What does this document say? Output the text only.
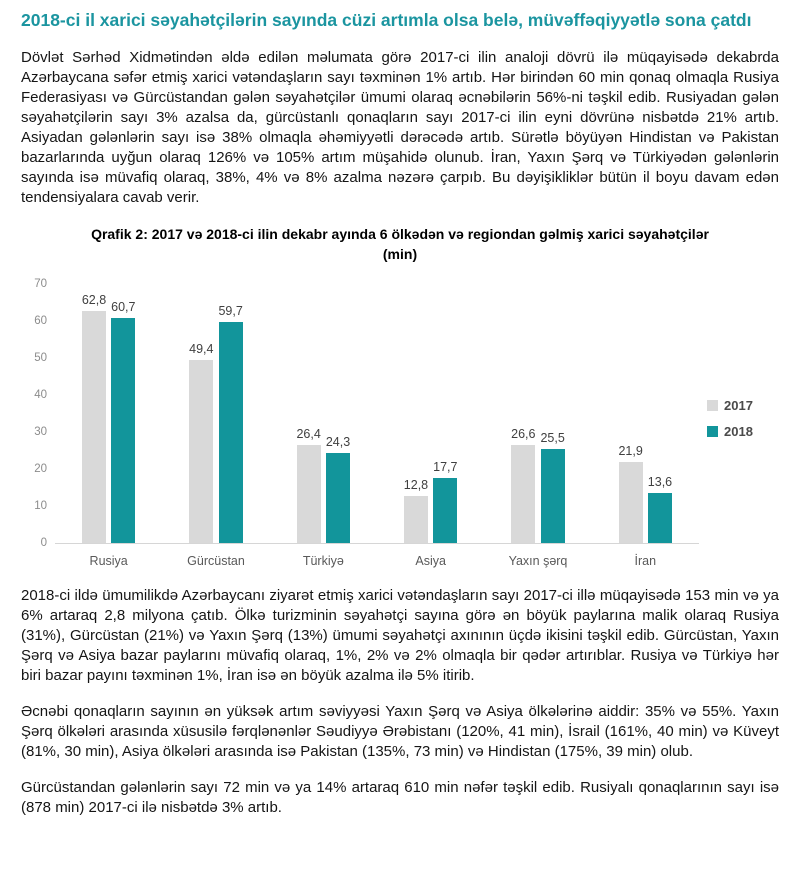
2018-ci il xarici səyahətçilərin sayında cüzi artımla olsa belə, müvəffəqiyyətlə sona çatdı

Dövlət Sərhəd Xidmətindən əldə edilən məlumata görə 2017-ci ilin analoji dövrü ilə müqayisədə dekabrda Azərbaycana səfər etmiş xarici vətəndaşların sayı təxminən 1% artıb. Hər birindən 60 min qonaq olmaqla Rusiya Federasiyası və Gürcüstandan gələn səyahətçilər ümumi olaraq əcnəbilərin 56%-ni təşkil edib. Rusiyadan gələn səyahətçilərin sayı 3% azalsa da, gürcüstanlı qonaqların sayı 2017-ci ilin eyni dövrünə nisbətdə 21% artıb. Asiyadan gələnlərin sayı isə 38% olmaqla əhəmiyyətli dərəcədə artıb. Sürətlə böyüyən Hindistan və Pakistan bazarlarında uyğun olaraq 126% və 105% artım müşahidə olunub. İran, Yaxın Şərq və Türkiyədən gələnlərin sayında isə müvafiq olaraq, 38%, 4% və 8% azalma nəzərə çarpıb. Bu dəyişikliklər bütün il boyu davam edən tendensiyalara cavab verir.

Qrafik 2: 2017 və 2018-ci ilin dekabr ayında 6 ölkədən və regiondan gəlmiş xarici səyahətçilər (min)
0
10
20
30
40
50
60
70
62,8 60,7
49,4
59,7
26,4
24,3
12,8
17,7
26,6 25,5
21,9
13,6
Rusiya	Gürcüstan	Türkiyə	Asiya	Yaxın şərq	İran
2017
2018

2018-ci ildə ümumilikdə Azərbaycanı ziyarət etmiş xarici vətəndaşların sayı 2017-ci illə müqayisədə 153 min və ya 6% artaraq 2,8 milyona çatıb. Ölkə turizminin səyahətçi sayına görə ən böyük paylarına malik olaraq Rusiya (31%), Gürcüstan (21%) və Yaxın Şərq (13%) ümumi səyahətçi axınının üçdə ikisini təşkil edib. Gürcüstan, Yaxın Şərq və Asiya bazar paylarını müvafiq olaraq, 1%, 2% və 2% olmaqla bir qədər artırıblar. Rusiya və Türkiyə hər biri bazar payını təxminən 1%, İran isə ən böyük azalma ilə 5% itirib.

Əcnəbi qonaqların sayının ən yüksək artım səviyyəsi Yaxın Şərq və Asiya ölkələrinə aiddir: 35% və 55%. Yaxın Şərq ölkələri arasında xüsusilə fərqlənənlər Səudiyyə Ərəbistanı (120%, 41 min), İsrail (161%, 40 min) və Küveyt (81%, 30 min), Asiya ölkələri arasında isə Pakistan (135%, 73 min) və Hindistan (175%, 39 min) olub.

Gürcüstandan gələnlərin sayı 72 min və ya 14% artaraq 610 min nəfər təşkil edib. Rusiyalı qonaqlarının sayı isə (878 min) 2017-ci ilə nisbətdə 3% artıb.
